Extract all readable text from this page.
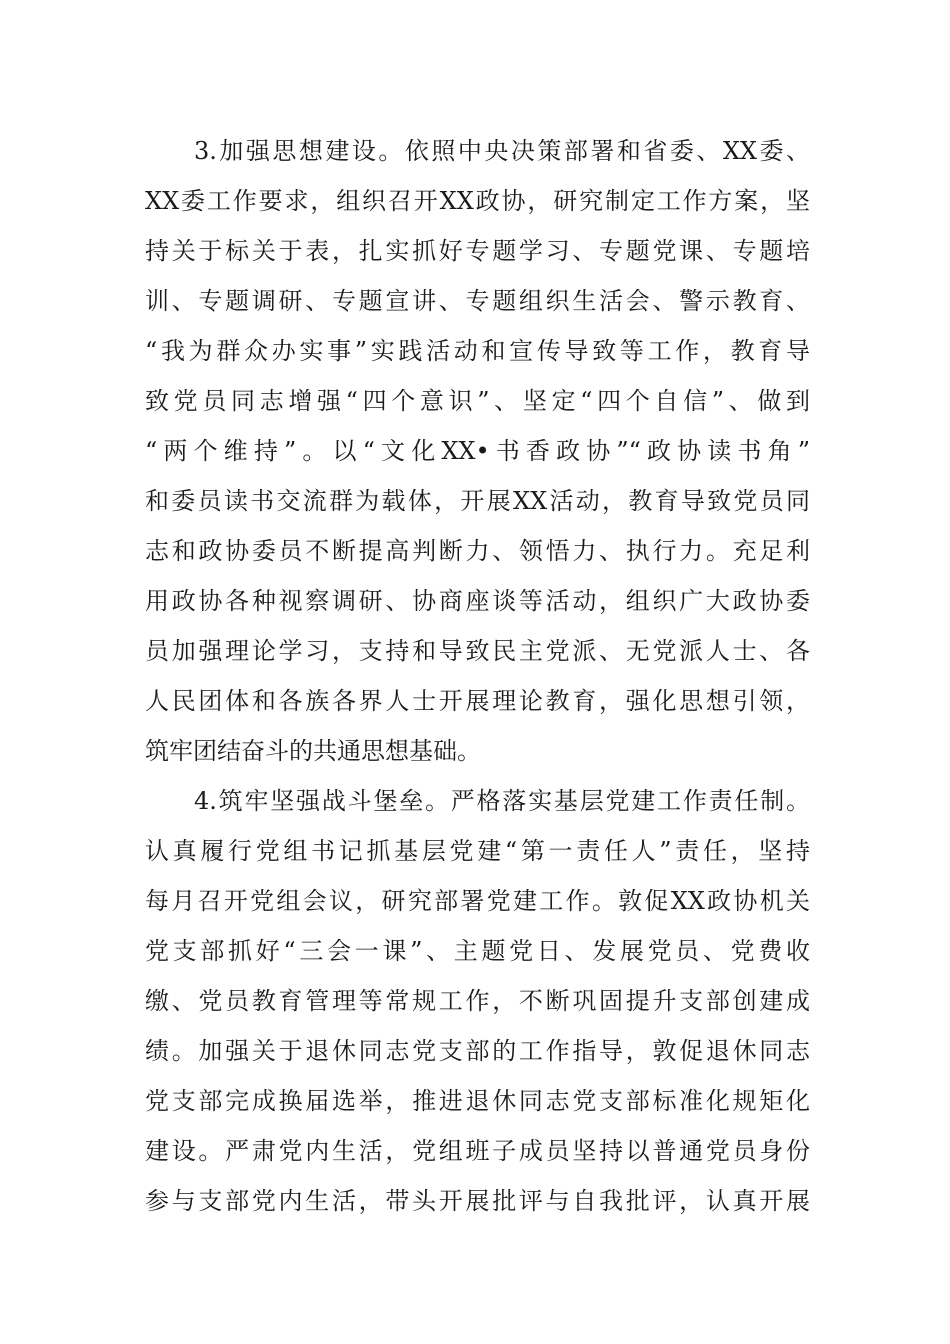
3.加强思想建设。依照中央决策部署和省委、XX委、
XX委工作要求，组织召开XX政协，研究制定工作方案，坚
持关于标关于表，扎实抓好专题学习、专题党课、专题培
训、专题调研、专题宣讲、专题组织生活会、警示教育、
“我为群众办实事”实践活动和宣传导致等工作，教育导
致党员同志增强“四个意识”、坚定“四个自信”、做到
“两个维持”。以“文化XX•书香政协”“政协读书角”
和委员读书交流群为载体，开展XX活动，教育导致党员同
志和政协委员不断提高判断力、领悟力、执行力。充足利
用政协各种视察调研、协商座谈等活动，组织广大政协委
员加强理论学习，支持和导致民主党派、无党派人士、各
人民团体和各族各界人士开展理论教育，强化思想引领，
筑牢团结奋斗的共通思想基础。
4.筑牢坚强战斗堡垒。严格落实基层党建工作责任制。
认真履行党组书记抓基层党建“第一责任人”责任，坚持
每月召开党组会议，研究部署党建工作。敦促XX政协机关
党支部抓好“三会一课”、主题党日、发展党员、党费收
缴、党员教育管理等常规工作，不断巩固提升支部创建成
绩。加强关于退休同志党支部的工作指导，敦促退休同志
党支部完成换届选举，推进退休同志党支部标准化规矩化
建设。严肃党内生活，党组班子成员坚持以普通党员身份
参与支部党内生活，带头开展批评与自我批评，认真开展
